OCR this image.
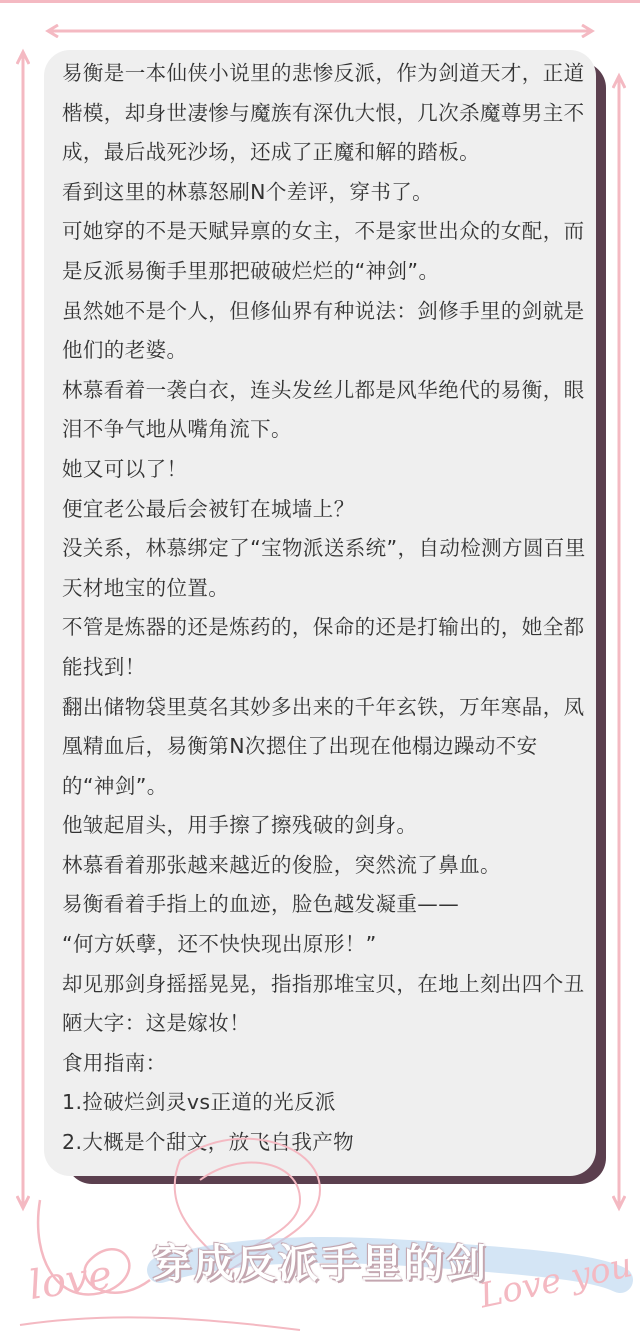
易衡是一本仙侠小说里的悲惨反派，作为剑道天才，正道楷模，却身世凄惨与魔族有深仇大恨，几次杀魔尊男主不成，最后战死沙场，还成了正魔和解的踏板。

看到这里的林慕怒刷N个差评，穿书了。

可她穿的不是天赋异禀的女主，不是家世出众的女配，而是反派易衡手里那把破破烂烂的“神剑”。

虽然她不是个人，但修仙界有种说法：剑修手里的剑就是他们的老婆。

林慕看着一袭白衣，连头发丝儿都是风华绝代的易衡，眼泪不争气地从嘴角流下。

她又可以了！

便宜老公最后会被钉在城墙上？

没关系，林慕绑定了“宝物派送系统”，自动检测方圆百里天材地宝的位置。

不管是炼器的还是炼药的，保命的还是打输出的，她全都能找到！

翻出储物袋里莫名其妙多出来的千年玄铁，万年寒晶，凤凰精血后，易衡第N次摁住了出现在他榻边躁动不安的“神剑”。

他皱起眉头，用手擦了擦残破的剑身。

林慕看着那张越来越近的俊脸，突然流了鼻血。

易衡看着手指上的血迹，脸色越发凝重——

“何方妖孽，还不快快现出原形！”

却见那剑身摇摇晃晃，指指那堆宝贝，在地上刻出四个丑陋大字：这是嫁妆！

食用指南：

1.捡破烂剑灵vs正道的光反派

2.大概是个甜文，放飞自我产物

love	Love you
穿成反派手里的剑
